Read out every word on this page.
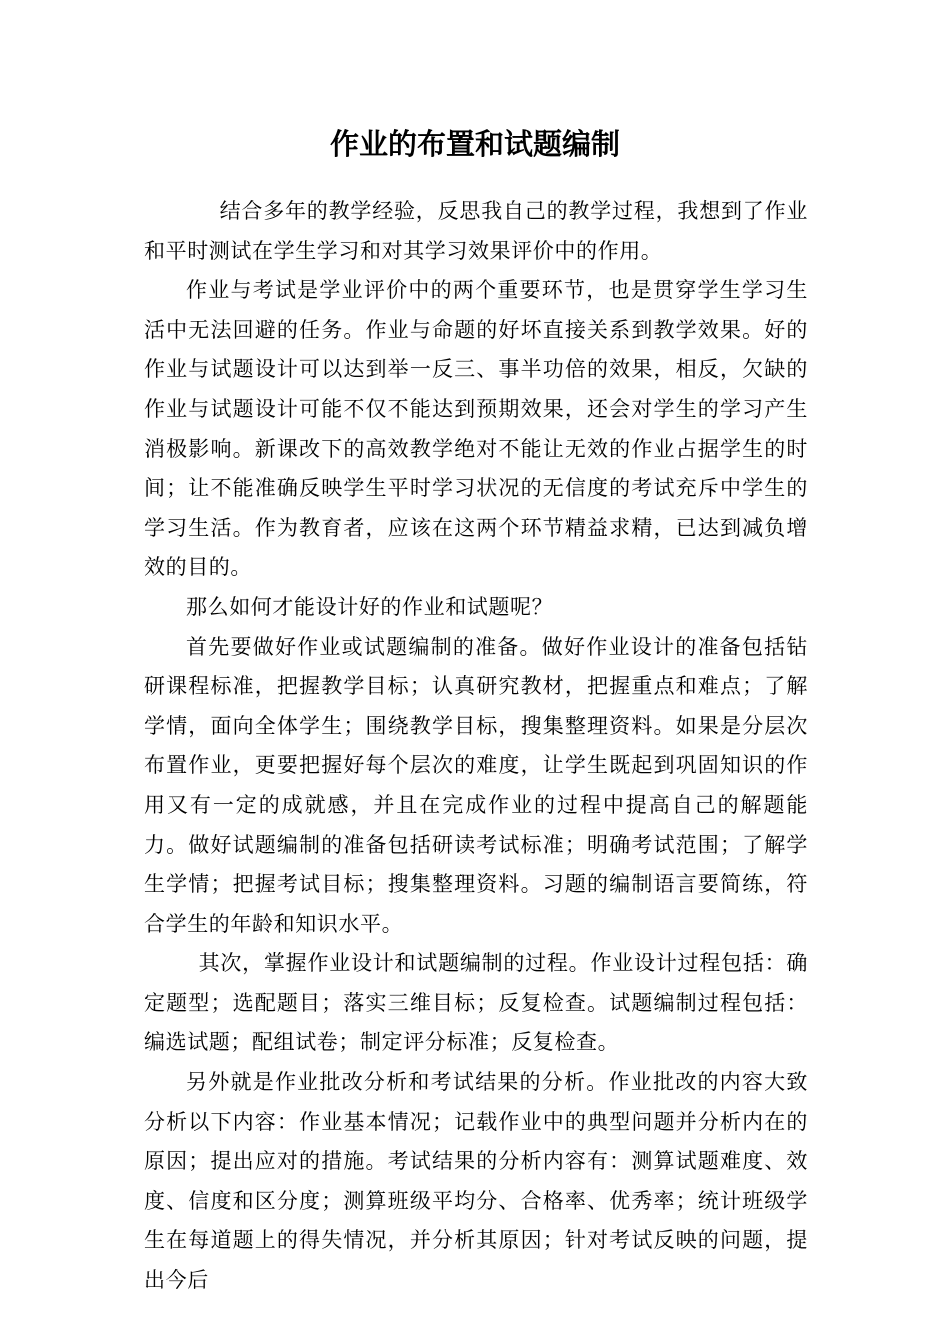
作业的布置和试题编制

结合多年的教学经验，反思我自己的教学过程，我想到了作业和平时测试在学生学习和对其学习效果评价中的作用。

作业与考试是学业评价中的两个重要环节，也是贯穿学生学习生活中无法回避的任务。作业与命题的好坏直接关系到教学效果。好的作业与试题设计可以达到举一反三、事半功倍的效果，相反，欠缺的作业与试题设计可能不仅不能达到预期效果，还会对学生的学习产生消极影响。新课改下的高效教学绝对不能让无效的作业占据学生的时间；让不能准确反映学生平时学习状况的无信度的考试充斥中学生的学习生活。作为教育者，应该在这两个环节精益求精，已达到减负增效的目的。

那么如何才能设计好的作业和试题呢？

首先要做好作业或试题编制的准备。做好作业设计的准备包括钻研课程标准，把握教学目标；认真研究教材，把握重点和难点；了解学情，面向全体学生；围绕教学目标，搜集整理资料。如果是分层次布置作业，更要把握好每个层次的难度，让学生既起到巩固知识的作用又有一定的成就感，并且在完成作业的过程中提高自己的解题能力。做好试题编制的准备包括研读考试标准；明确考试范围；了解学生学情；把握考试目标；搜集整理资料。习题的编制语言要简练，符合学生的年龄和知识水平。

其次，掌握作业设计和试题编制的过程。作业设计过程包括：确定题型；选配题目；落实三维目标；反复检查。试题编制过程包括：编选试题；配组试卷；制定评分标准；反复检查。

另外就是作业批改分析和考试结果的分析。作业批改的内容大致分析以下内容：作业基本情况；记载作业中的典型问题并分析内在的原因；提出应对的措施。考试结果的分析内容有：测算试题难度、效度、信度和区分度；测算班级平均分、合格率、优秀率；统计班级学生在每道题上的得失情况，并分析其原因；针对考试反映的问题，提出今后
